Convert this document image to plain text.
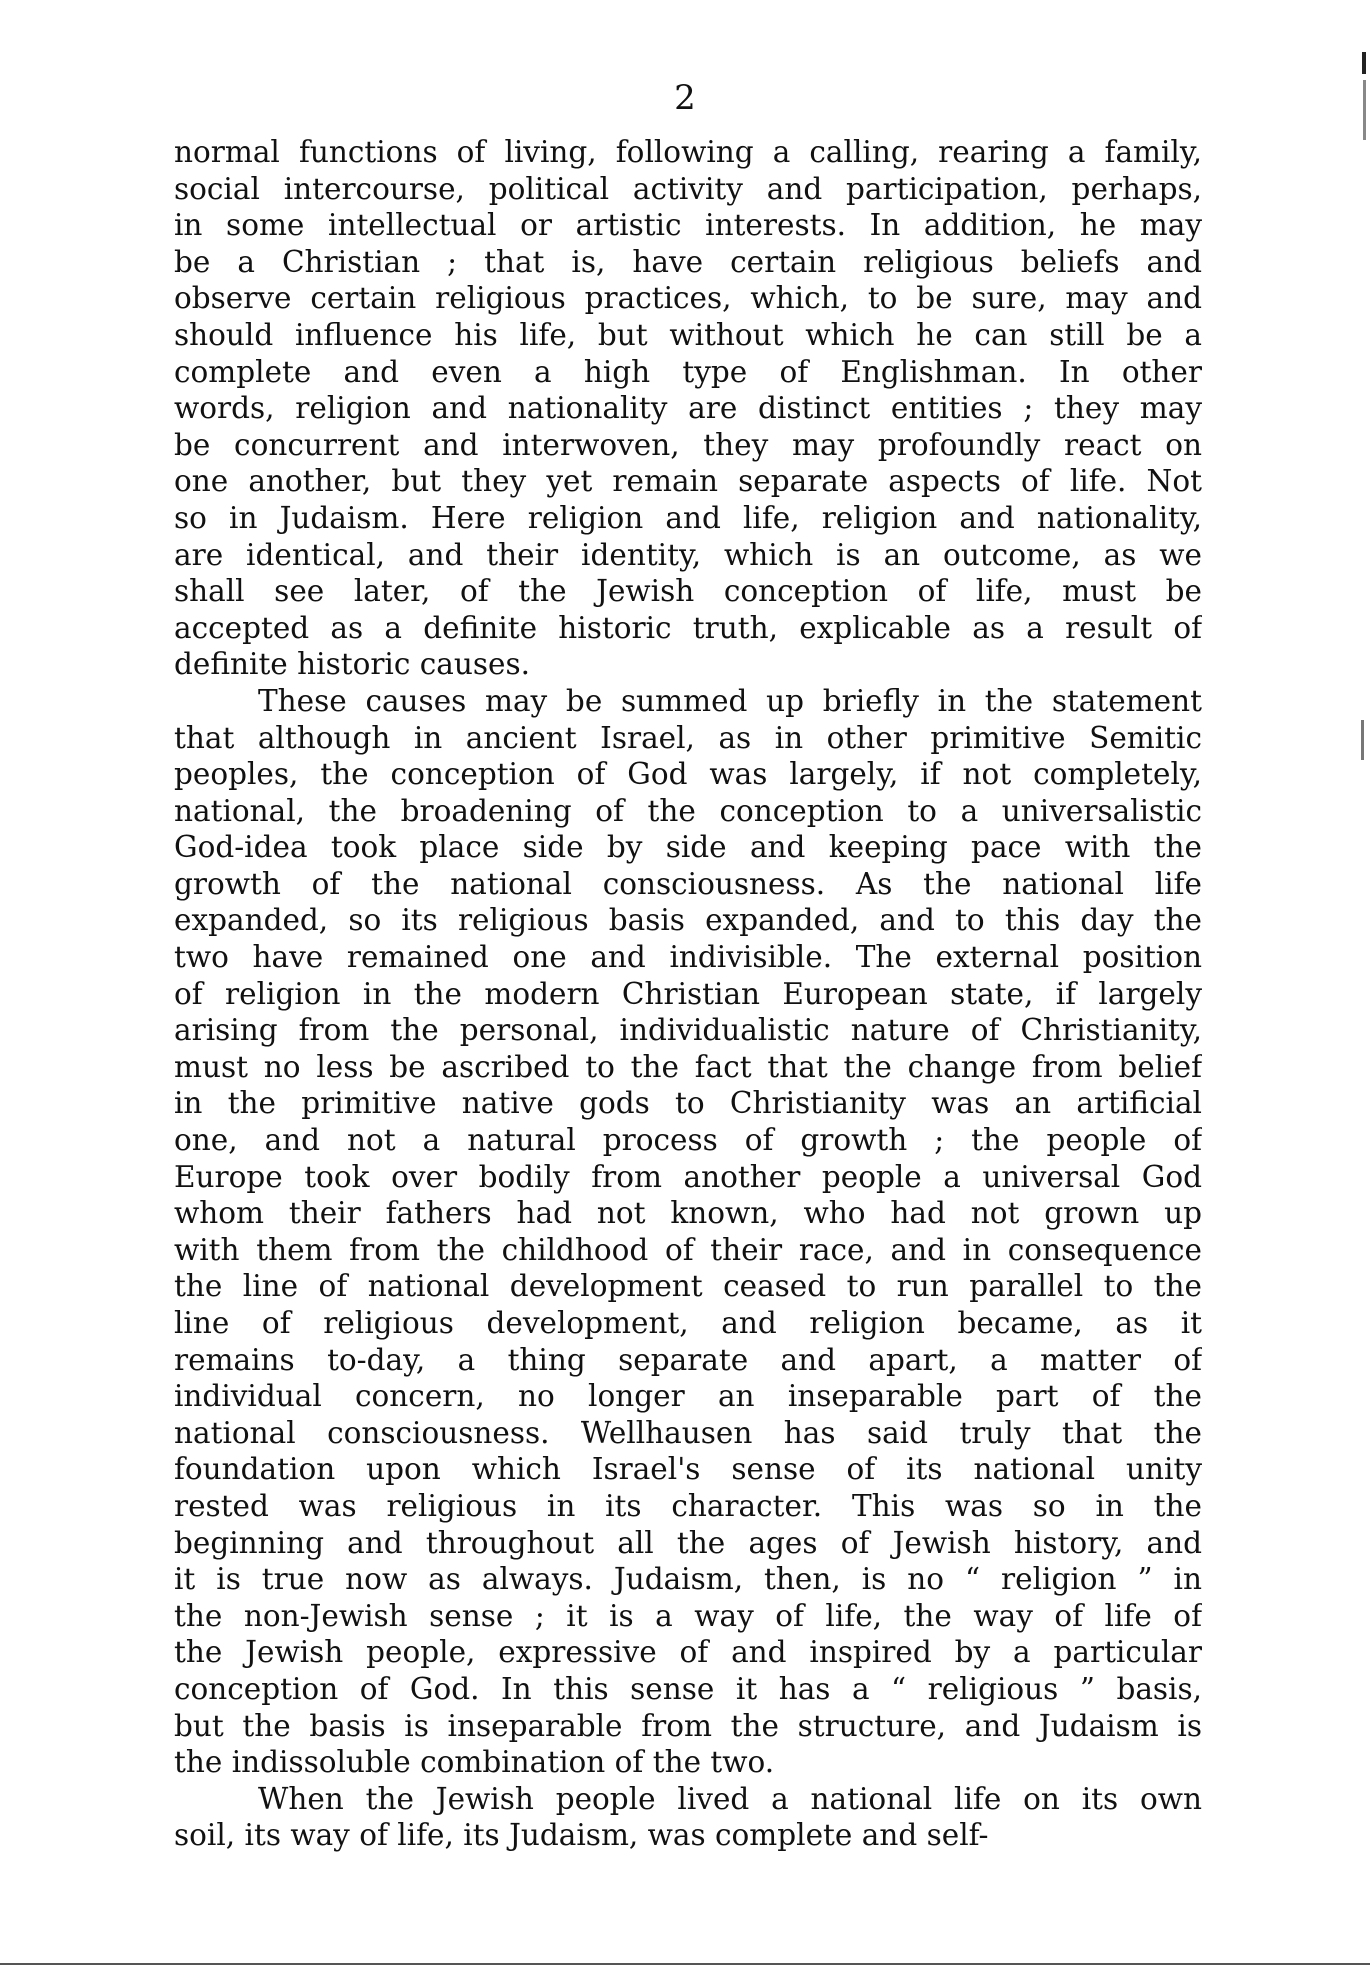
2
normal functions of living, following a calling, rearing a family,
social intercourse, political activity and participation, perhaps,
in some intellectual or artistic interests. In addition, he may
be a Christian ; that is, have certain religious beliefs and
observe certain religious practices, which, to be sure, may and
should influence his life, but without which he can still be a
complete and even a high type of Englishman. In other
words, religion and nationality are distinct entities ; they may
be concurrent and interwoven, they may profoundly react on
one another, but they yet remain separate aspects of life. Not
so in Judaism. Here religion and life, religion and nationality,
are identical, and their identity, which is an outcome, as we
shall see later, of the Jewish conception of life, must be
accepted as a definite historic truth, explicable as a result of
definite historic causes.
These causes may be summed up briefly in the statement
that although in ancient Israel, as in other primitive Semitic
peoples, the conception of God was largely, if not completely,
national, the broadening of the conception to a universalistic
God-idea took place side by side and keeping pace with the
growth of the national consciousness. As the national life
expanded, so its religious basis expanded, and to this day the
two have remained one and indivisible. The external position
of religion in the modern Christian European state, if largely
arising from the personal, individualistic nature of Christianity,
must no less be ascribed to the fact that the change from belief
in the primitive native gods to Christianity was an artificial
one, and not a natural process of growth ; the people of
Europe took over bodily from another people a universal God
whom their fathers had not known, who had not grown up
with them from the childhood of their race, and in consequence
the line of national development ceased to run parallel to the
line of religious development, and religion became, as it
remains to-day, a thing separate and apart, a matter of
individual concern, no longer an inseparable part of the
national consciousness. Wellhausen has said truly that the
foundation upon which Israel's sense of its national unity
rested was religious in its character. This was so in the
beginning and throughout all the ages of Jewish history, and
it is true now as always. Judaism, then, is no “ religion ” in
the non-Jewish sense ; it is a way of life, the way of life of
the Jewish people, expressive of and inspired by a particular
conception of God. In this sense it has a “ religious ” basis,
but the basis is inseparable from the structure, and Judaism is
the indissoluble combination of the two.
When the Jewish people lived a national life on its own
soil, its way of life, its Judaism, was complete and self-
